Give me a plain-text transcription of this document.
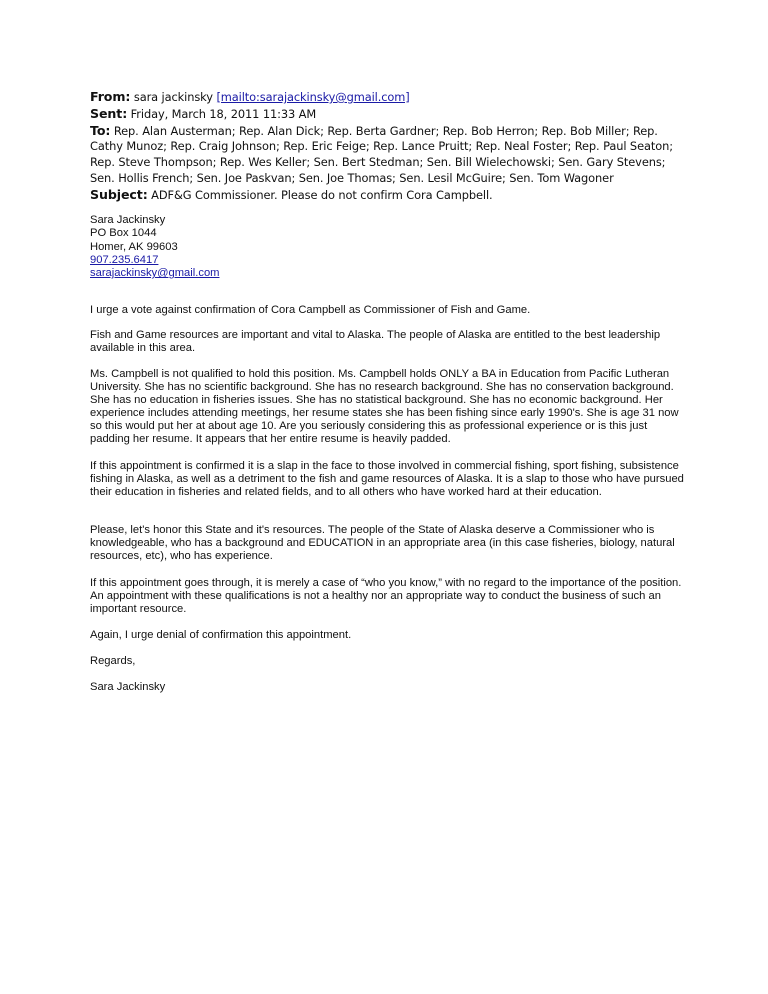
From: sara jackinsky [mailto:sarajackinsky@gmail.com]
Sent: Friday, March 18, 2011 11:33 AM
To: Rep. Alan Austerman; Rep. Alan Dick; Rep. Berta Gardner; Rep. Bob Herron; Rep. Bob Miller; Rep. Cathy Munoz; Rep. Craig Johnson; Rep. Eric Feige; Rep. Lance Pruitt; Rep. Neal Foster; Rep. Paul Seaton; Rep. Steve Thompson; Rep. Wes Keller; Sen. Bert Stedman; Sen. Bill Wielechowski; Sen. Gary Stevens; Sen. Hollis French; Sen. Joe Paskvan; Sen. Joe Thomas; Sen. Lesil McGuire; Sen. Tom Wagoner
Subject: ADF&G Commissioner. Please do not confirm Cora Campbell.
Sara Jackinsky
PO Box 1044
Homer, AK 99603
907.235.6417
sarajackinsky@gmail.com

I urge a vote against confirmation of Cora Campbell as Commissioner of Fish and Game.

Fish and Game resources are important and vital to Alaska. The people of Alaska are entitled to the best leadership available in this area.

Ms. Campbell is not qualified to hold this position. Ms. Campbell holds ONLY a BA in Education from Pacific Lutheran University. She has no scientific background. She has no research background. She has no conservation background. She has no education in fisheries issues. She has no statistical background. She has no economic background. Her experience includes attending meetings, her resume states she has been fishing since early 1990's. She is age 31 now so this would put her at about age 10. Are you seriously considering this as professional experience or is this just padding her resume. It appears that her entire resume is heavily padded.

If this appointment is confirmed it is a slap in the face to those involved in commercial fishing, sport fishing, subsistence fishing in Alaska, as well as a detriment to the fish and game resources of Alaska. It is a slap to those who have pursued their education in fisheries and related fields, and to all others who have worked hard at their education.

Please, let's honor this State and it's resources. The people of the State of Alaska deserve a Commissioner who is knowledgeable, who has a background and EDUCATION in an appropriate area (in this case fisheries, biology, natural resources, etc), who has experience.

If this appointment goes through, it is merely a case of “who you know,” with no regard to the importance of the position. An appointment with these qualifications is not a healthy nor an appropriate way to conduct the business of such an important resource.

Again, I urge denial of confirmation this appointment.

Regards,

Sara Jackinsky
